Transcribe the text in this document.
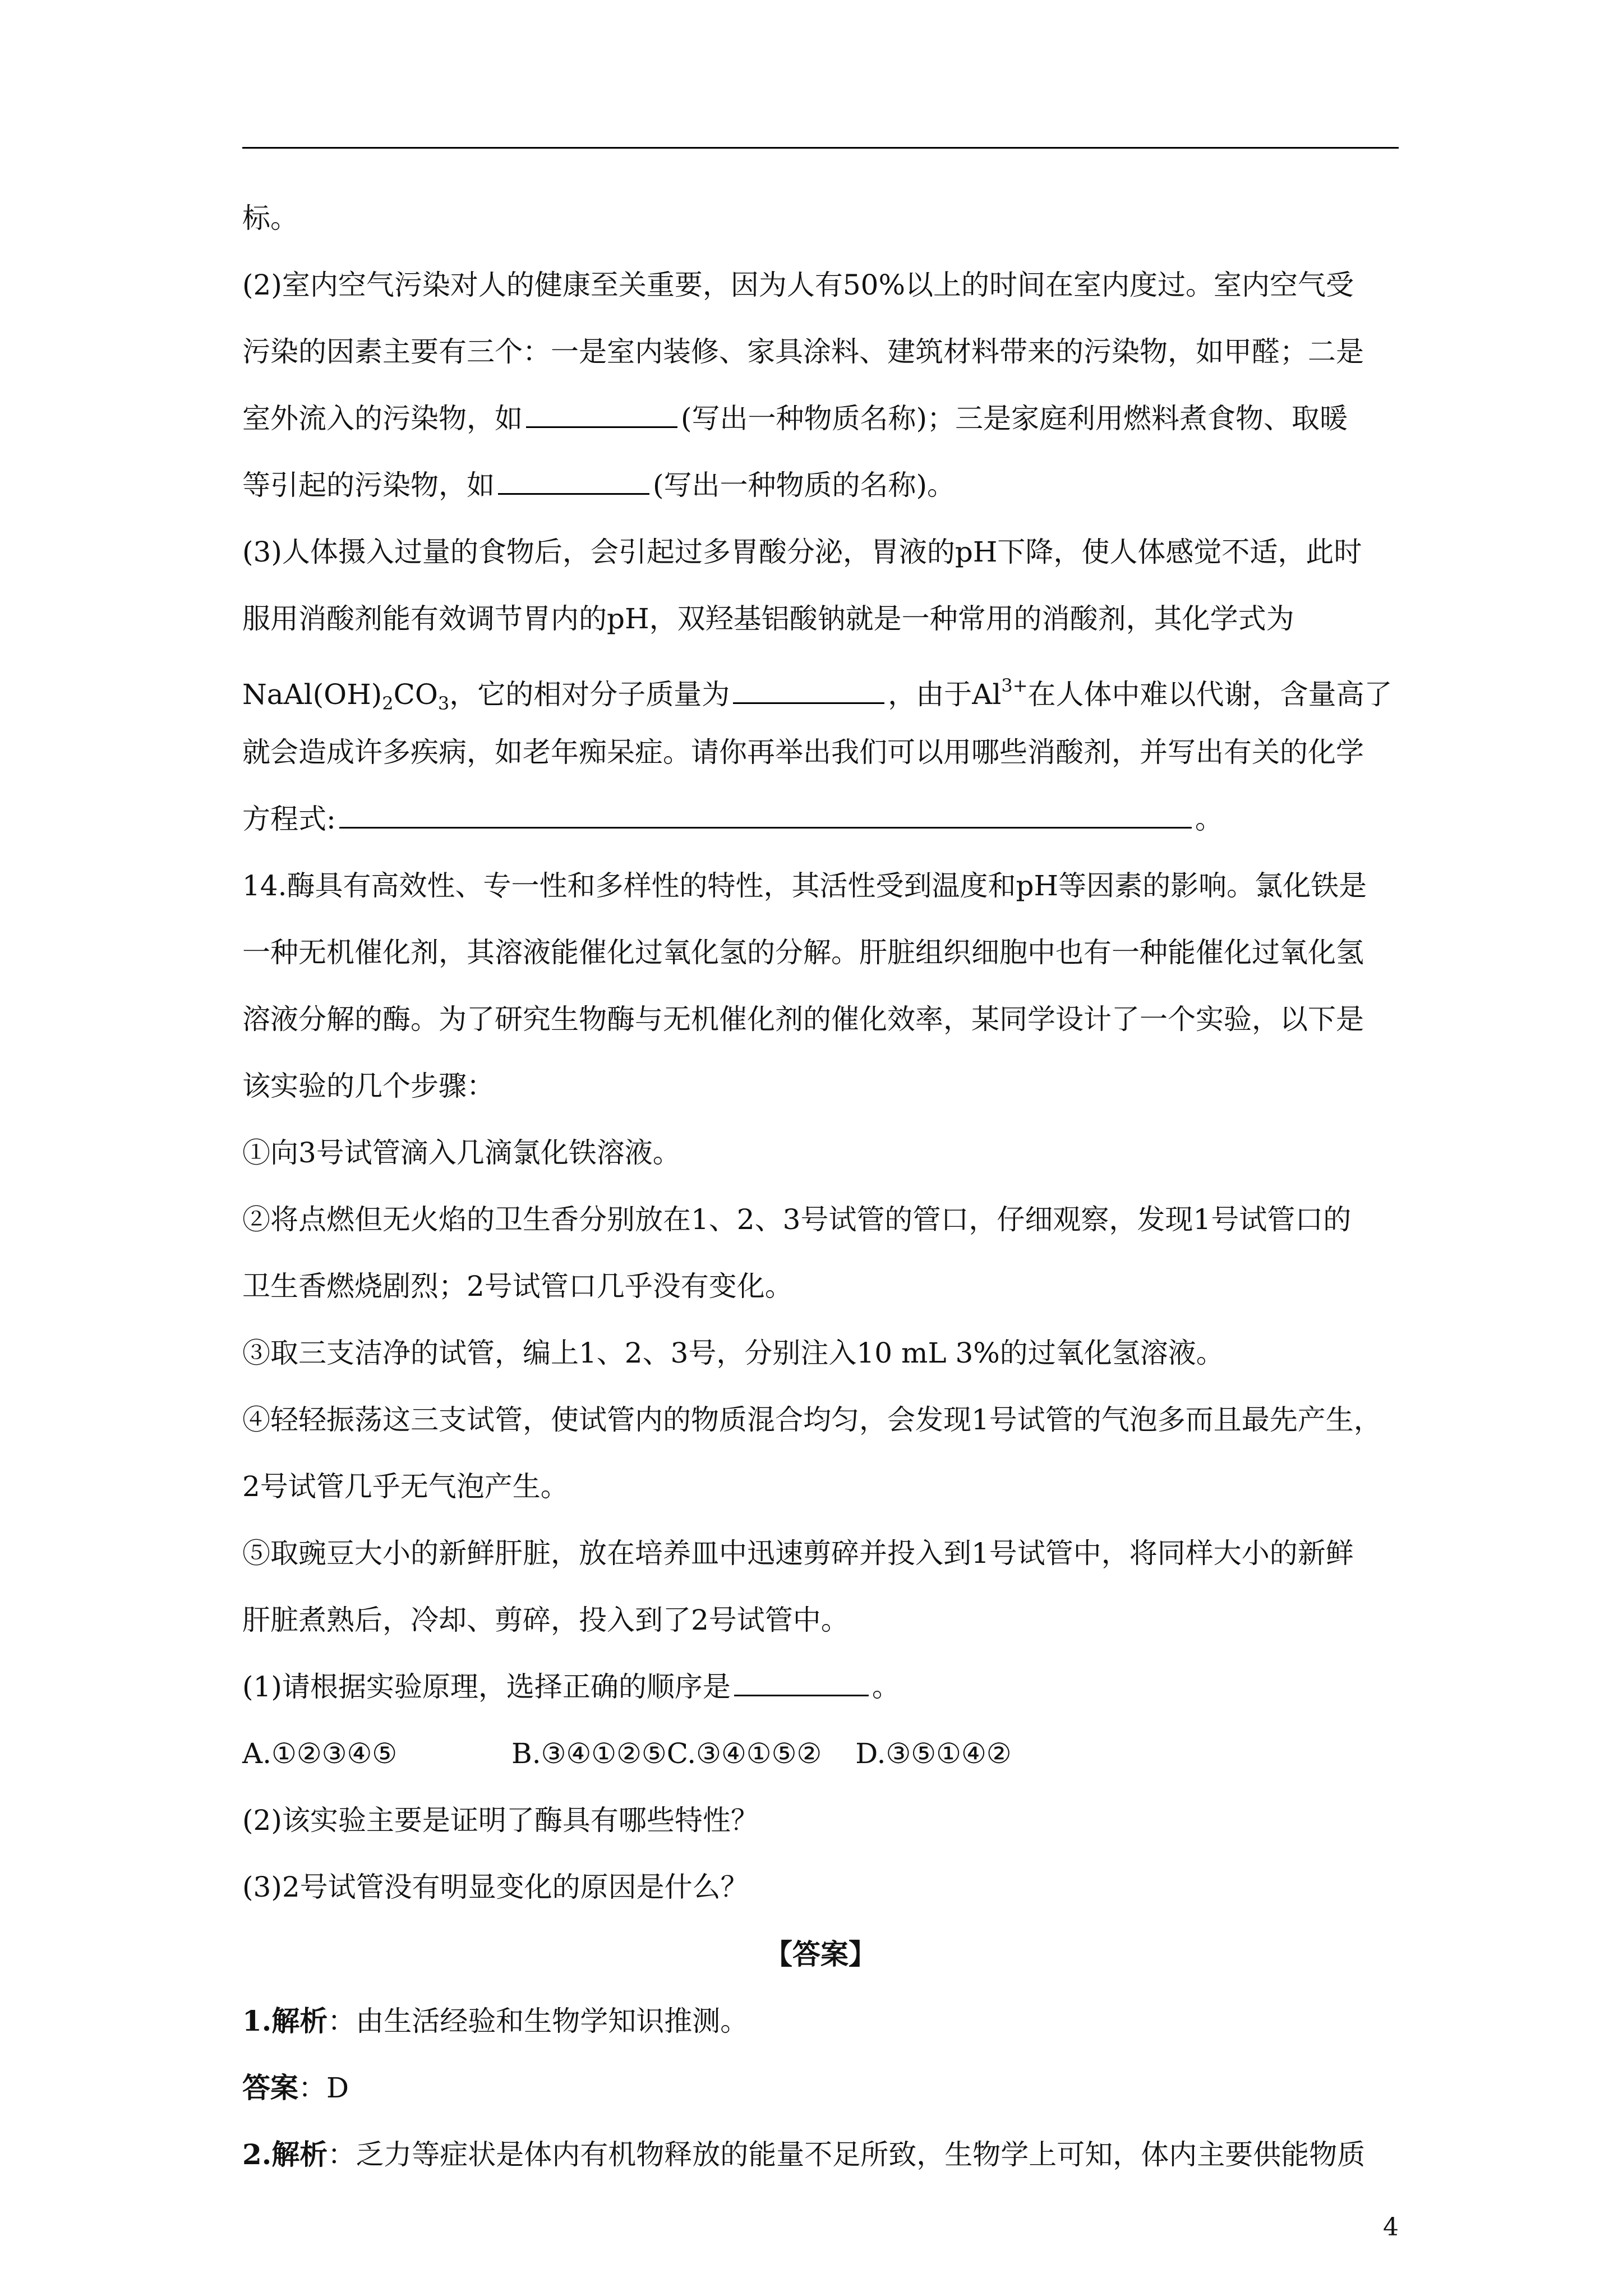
标。
(2)室内空气污染对人的健康至关重要，因为人有50%以上的时间在室内度过。室内空气受
污染的因素主要有三个：一是室内装修、家具涂料、建筑材料带来的污染物，如甲醛；二是
室外流入的污染物，如	(写出一种物质名称)；三是家庭利用燃料煮食物、取暖
等引起的污染物，如	(写出一种物质的名称)。
(3)人体摄入过量的食物后，会引起过多胃酸分泌，胃液的pH下降，使人体感觉不适，此时
服用消酸剂能有效调节胃内的pH，双羟基铝酸钠就是一种常用的消酸剂，其化学式为
$NaAl(OH)_2CO_3$，它的相对分子质量为	，由于$Al^{3+}$在人体中难以代谢，含量高了
就会造成许多疾病，如老年痴呆症。请你再举出我们可以用哪些消酸剂，并写出有关的化学
方程式:	。
14.酶具有高效性、专一性和多样性的特性，其活性受到温度和pH等因素的影响。氯化铁是
一种无机催化剂，其溶液能催化过氧化氢的分解。肝脏组织细胞中也有一种能催化过氧化氢
溶液分解的酶。为了研究生物酶与无机催化剂的催化效率，某同学设计了一个实验，以下是
该实验的几个步骤：
①向3号试管滴入几滴氯化铁溶液。
②将点燃但无火焰的卫生香分别放在1、2、3号试管的管口，仔细观察，发现1号试管口的
卫生香燃烧剧烈；2号试管口几乎没有变化。
③取三支洁净的试管，编上1、2、3号，分别注入10 mL 3%的过氧化氢溶液。
④轻轻振荡这三支试管，使试管内的物质混合均匀，会发现1号试管的气泡多而且最先产生，
2号试管几乎无气泡产生。
⑤取豌豆大小的新鲜肝脏，放在培养皿中迅速剪碎并投入到1号试管中，将同样大小的新鲜
肝脏煮熟后，冷却、剪碎，投入到了2号试管中。
(1)请根据实验原理，选择正确的顺序是	。
A.①②③④⑤	B.③④①②⑤C.③④①⑤② D.③⑤①④②
(2)该实验主要是证明了酶具有哪些特性？
(3)2号试管没有明显变化的原因是什么？
【答案】
1.解析：由生活经验和生物学知识推测。
答案：D
2.解析：乏力等症状是体内有机物释放的能量不足所致，生物学上可知，体内主要供能物质
4
